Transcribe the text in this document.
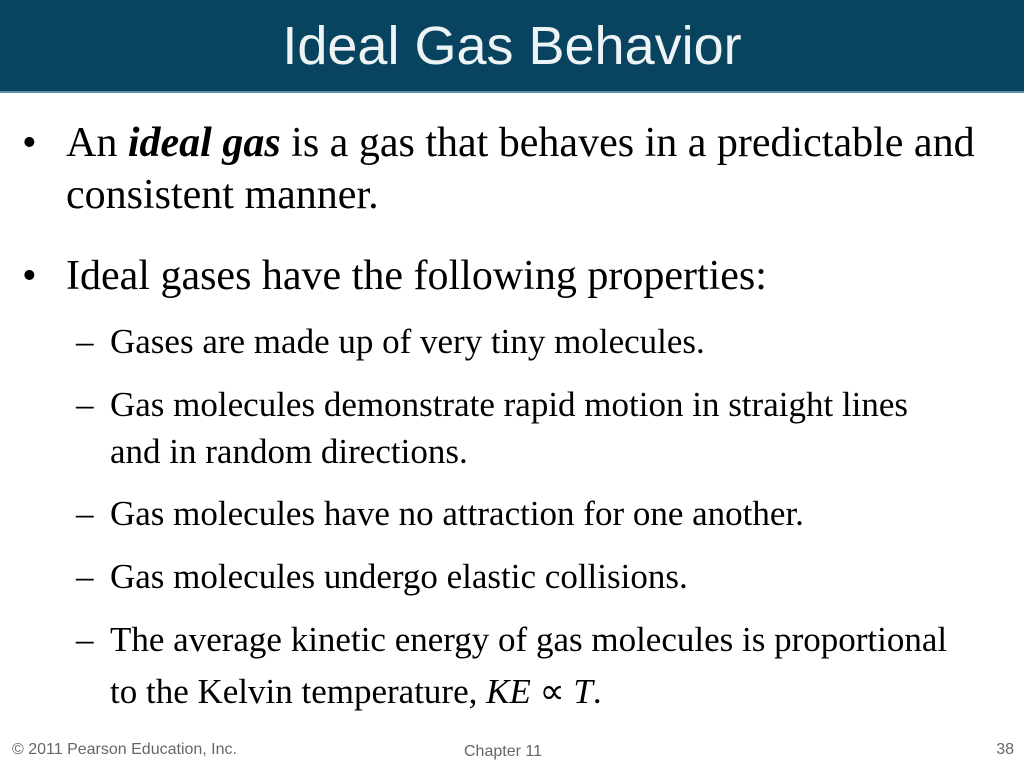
Ideal Gas Behavior
• An ideal gas is a gas that behaves in a predictable and consistent manner.
• Ideal gases have the following properties:
– Gases are made up of very tiny molecules.
– Gas molecules demonstrate rapid motion in straight lines and in random directions.
– Gas molecules have no attraction for one another.
– Gas molecules undergo elastic collisions.
– The average kinetic energy of gas molecules is proportional to the Kelvin temperature, KE ∝ T.
© 2011 Pearson Education, Inc.	Chapter 11	38
